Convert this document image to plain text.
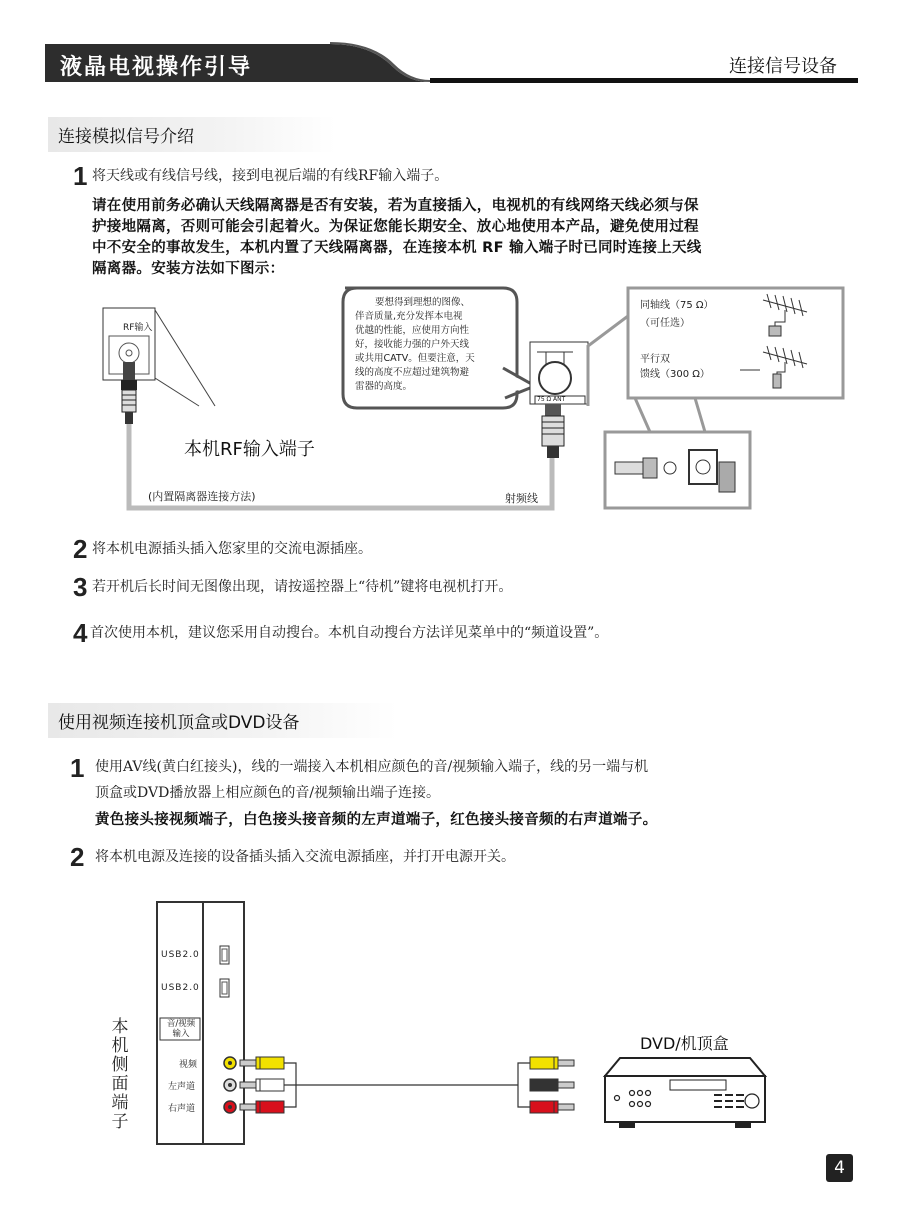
液晶电视操作引导	连接信号设备
连接模拟信号介绍
1 将天线或有线信号线，接到电视后端的有线RF输入端子。
请在使用前务必确认天线隔离器是否有安装，若为直接插入，电视机的有线网络天线必须与保
护接地隔离，否则可能会引起着火。为保证您能长期安全、放心地使用本产品，避免使用过程
中不安全的事故发生，本机内置了天线隔离器，在连接本机 RF 输入端子时已同时连接上天线
隔离器。安装方法如下图示：
RF输入
本机RF输入端子
(内置隔离器连接方法)	射频线
75 Ω ANT
要想得到理想的图像、
伴音质量,充分发挥本电视
优越的性能，应使用方向性
好，接收能力强的户外天线
或共用CATV。但要注意，天
线的高度不应超过建筑物避
雷器的高度。
同轴线（75 Ω）
（可任选）
平行双
馈线（300 Ω）
2 将本机电源插头插入您家里的交流电源插座。
3 若开机后长时间无图像出现，请按遥控器上“待机”键将电视机打开。
4 首次使用本机，建议您采用自动搜台。本机自动搜台方法详见菜单中的“频道设置”。
使用视频连接机顶盒或DVD设备
1 使用AV线(黄白红接头)，线的一端接入本机相应颜色的音/视频输入端子，线的另一端与机
顶盒或DVD播放器上相应颜色的音/视频输出端子连接。
黄色接头接视频端子，白色接头接音频的左声道端子，红色接头接音频的右声道端子。
2 将本机电源及连接的设备插头插入交流电源插座，并打开电源开关。
USB2.0
USB2.0
音/视频
输入
视频
左声道
右声道
本
机
侧
面
端
子
DVD/机顶盒
4
